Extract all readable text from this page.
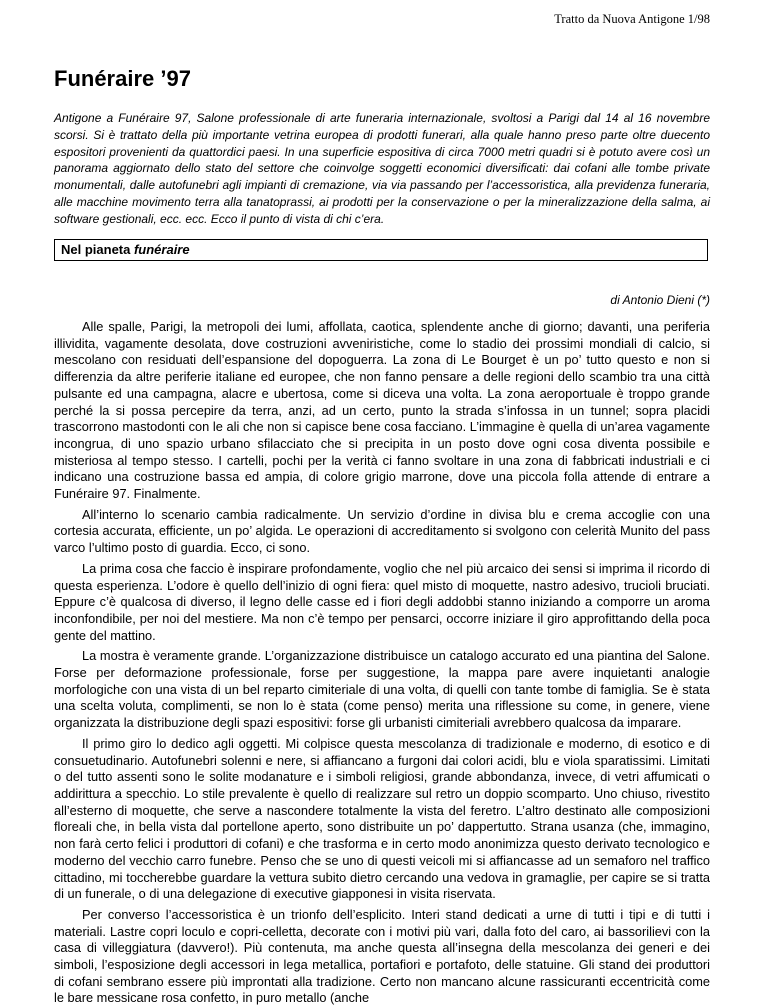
Tratto da Nuova Antigone 1/98
Funéraire ’97

Antigone a Funéraire 97, Salone professionale di arte funeraria internazionale, svoltosi a Parigi dal 14 al 16 novembre scorsi. Si è trattato della più importante vetrina europea di prodotti funerari, alla quale hanno preso parte oltre duecento espositori provenienti da quattordici paesi. In una superficie espositiva di circa 7000 metri quadri si è potuto avere così un panorama aggiornato dello stato del settore che coinvolge soggetti economici diversificati: dai cofani alle tombe private monumentali, dalle autofunebri agli impianti di cremazione, via via passando per l’accessoristica, alla previdenza funeraria, alle macchine movimento terra alla tanatoprassi, ai prodotti per la conservazione o per la mineralizzazione della salma, ai software gestionali, ecc. ecc. Ecco il punto di vista di chi c’era.

Nel pianeta funéraire
di Antonio Dieni (*)

Alle spalle, Parigi, la metropoli dei lumi, affollata, caotica, splendente anche di giorno; davanti, una periferia illividita, vagamente desolata, dove costruzioni avveniristiche, come lo stadio dei prossimi mondiali di calcio, si mescolano con residuati dell’espansione del dopoguerra. La zona di Le Bourget è un po’ tutto questo e non si differenzia da altre periferie italiane ed europee, che non fanno pensare a delle regioni dello scambio tra una città pulsante ed una campagna, alacre e ubertosa, come si diceva una volta. La zona aeroportuale è troppo grande perché la si possa percepire da terra, anzi, ad un certo, punto la strada s’infossa in un tunnel; sopra placidi trascorrono mastodonti con le ali che non si capisce bene cosa facciano. L’immagine è quella di un’area vagamente incongrua, di uno spazio urbano sfilacciato che si precipita in un posto dove ogni cosa diventa possibile e misteriosa al tempo stesso. I cartelli, pochi per la verità ci fanno svoltare in una zona di fabbricati industriali e ci indicano una costruzione bassa ed ampia, di colore grigio marrone, dove una piccola folla attende di entrare a Funéraire 97. Finalmente.

All’interno lo scenario cambia radicalmente. Un servizio d’ordine in divisa blu e crema accoglie con una cortesia accurata, efficiente, un po’ algida. Le operazioni di accreditamento si svolgono con celerità Munito del pass varco l’ultimo posto di guardia. Ecco, ci sono.

La prima cosa che faccio è inspirare profondamente, voglio che nel più arcaico dei sensi si imprima il ricordo di questa esperienza. L’odore è quello dell’inizio di ogni fiera: quel misto di moquette, nastro adesivo, trucioli bruciati. Eppure c’è qualcosa di diverso, il legno delle casse ed i fiori degli addobbi stanno iniziando a comporre un aroma inconfondibile, per noi del mestiere. Ma non c’è tempo per pensarci, occorre iniziare il giro approfittando della poca gente del mattino.

La mostra è veramente grande. L’organizzazione distribuisce un catalogo accurato ed una piantina del Salone. Forse per deformazione professionale, forse per suggestione, la mappa pare avere inquietanti analogie morfologiche con una vista di un bel reparto cimiteriale di una volta, di quelli con tante tombe di famiglia. Se è stata una scelta voluta, complimenti, se non lo è stata (come penso) merita una riflessione su come, in genere, viene organizzata la distribuzione degli spazi espositivi: forse gli urbanisti cimiteriali avrebbero qualcosa da imparare.

Il primo giro lo dedico agli oggetti. Mi colpisce questa mescolanza di tradizionale e moderno, di esotico e di consuetudinario. Autofunebri solenni e nere, si affiancano a furgoni dai colori acidi, blu e viola sparatissimi. Limitati o del tutto assenti sono le solite modanature e i simboli religiosi, grande abbondanza, invece, di vetri affumicati o addirittura a specchio. Lo stile prevalente è quello di realizzare sul retro un doppio scomparto. Uno chiuso, rivestito all’esterno di moquette, che serve a nascondere totalmente la vista del feretro. L’altro destinato alle composizioni floreali che, in bella vista dal portellone aperto, sono distribuite un po’ dappertutto. Strana usanza (che, immagino, non farà certo felici i produttori di cofani) e che trasforma e in certo modo anonimizza questo derivato tecnologico e moderno del vecchio carro funebre. Penso che se uno di questi veicoli mi si affiancasse ad un semaforo nel traffico cittadino, mi toccherebbe guardare la vettura subito dietro cercando una vedova in gramaglie, per capire se si tratta di un funerale, o di una delegazione di executive giapponesi in visita riservata.

Per converso l’accessoristica è un trionfo dell’esplicito. Interi stand dedicati a urne di tutti i tipi e di tutti i materiali. Lastre copri loculo e copri-celletta, decorate con i motivi più vari, dalla foto del caro, ai bassorilievi con la casa di villeggiatura (davvero!). Più contenuta, ma anche questa all’insegna della mescolanza dei generi e dei simboli, l’esposizione degli accessori in lega metallica, portafiori e portafoto, delle statuine. Gli stand dei produttori di cofani sembrano essere più improntati alla tradizione. Certo non mancano alcune rassicuranti eccentricità come le bare messicane rosa confetto, in puro metallo (anche
